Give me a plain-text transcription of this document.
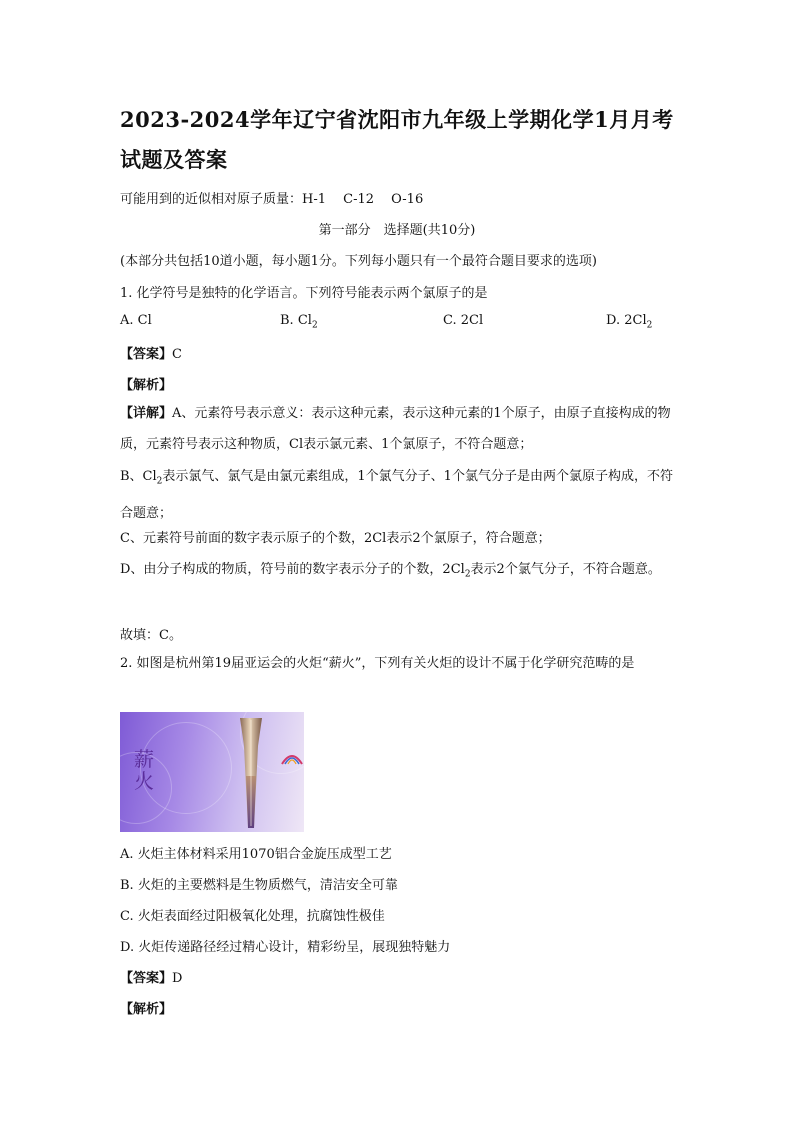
2023-2024学年辽宁省沈阳市九年级上学期化学1月月考试题及答案
可能用到的近似相对原子质量：H-1　 C-12　 O-16
第一部分　选择题(共10分)
(本部分共包括10道小题，每小题1分。下列每小题只有一个最符合题目要求的选项)
1. 化学符号是独特的化学语言。下列符号能表示两个氯原子的是
A. Cl	B. $Cl_2$	C. 2Cl	D. $2Cl_2$
【答案】C
【解析】
【详解】A、元素符号表示意义：表示这种元素，表示这种元素的1个原子，由原子直接构成的物质，元素符号表示这种物质，Cl表示氯元素、1个氯原子，不符合题意；
B、$Cl_2$表示氯气、氯气是由氯元素组成，1个氯气分子、1个氯气分子是由两个氯原子构成，不符合题意；
C、元素符号前面的数字表示原子的个数，2Cl表示2个氯原子，符合题意；
D、由分子构成的物质，符号前的数字表示分子的个数，$2Cl_2$表示2个氯气分子，不符合题意。
故填：C。
2. 如图是杭州第19届亚运会的火炬“薪火”，下列有关火炬的设计不属于化学研究范畴的是
薪
火
A. 火炬主体材料采用1070铝合金旋压成型工艺
B. 火炬的主要燃料是生物质燃气，清洁安全可靠
C. 火炬表面经过阳极氧化处理，抗腐蚀性极佳
D. 火炬传递路径经过精心设计，精彩纷呈，展现独特魅力
【答案】D
【解析】
